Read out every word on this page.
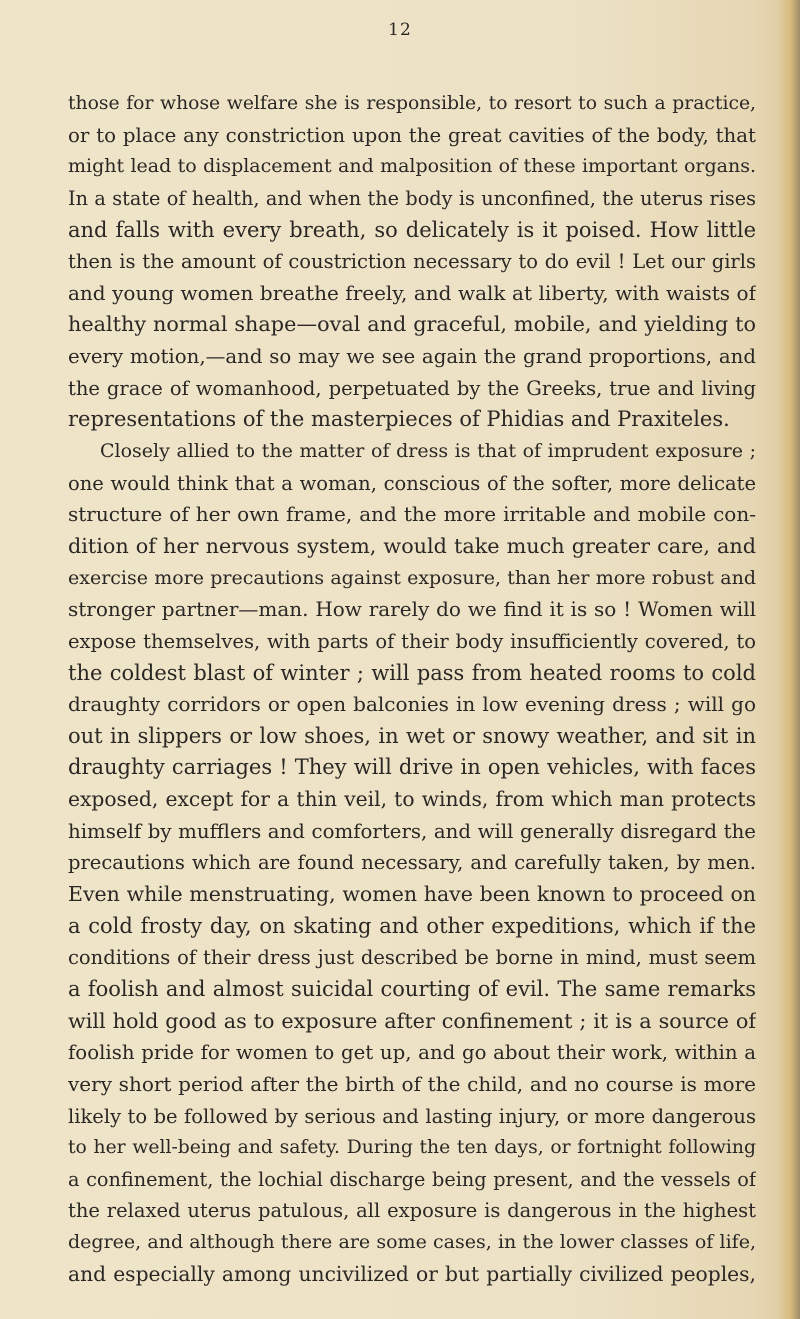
12
those for whose welfare she is responsible, to resort to such a practice,
or to place any constriction upon the great cavities of the body, that
might lead to displacement and malposition of these important organs.
In a state of health, and when the body is unconfined, the uterus rises
and falls with every breath, so delicately is it poised. How little
then is the amount of coustriction necessary to do evil ! Let our girls
and young women breathe freely, and walk at liberty, with waists of
healthy normal shape—oval and graceful, mobile, and yielding to
every motion,—and so may we see again the grand proportions, and
the grace of womanhood, perpetuated by the Greeks, true and living
representations of the masterpieces of Phidias and Praxiteles.
Closely allied to the matter of dress is that of imprudent exposure ;
one would think that a woman, conscious of the softer, more delicate
structure of her own frame, and the more irritable and mobile con-
dition of her nervous system, would take much greater care, and
exercise more precautions against exposure, than her more robust and
stronger partner—man. How rarely do we find it is so ! Women will
expose themselves, with parts of their body insufficiently covered, to
the coldest blast of winter ; will pass from heated rooms to cold
draughty corridors or open balconies in low evening dress ; will go
out in slippers or low shoes, in wet or snowy weather, and sit in
draughty carriages ! They will drive in open vehicles, with faces
exposed, except for a thin veil, to winds, from which man protects
himself by mufflers and comforters, and will generally disregard the
precautions which are found necessary, and carefully taken, by men.
Even while menstruating, women have been known to proceed on
a cold frosty day, on skating and other expeditions, which if the
conditions of their dress just described be borne in mind, must seem
a foolish and almost suicidal courting of evil. The same remarks
will hold good as to exposure after confinement ; it is a source of
foolish pride for women to get up, and go about their work, within a
very short period after the birth of the child, and no course is more
likely to be followed by serious and lasting injury, or more dangerous
to her well-being and safety. During the ten days, or fortnight following
a confinement, the lochial discharge being present, and the vessels of
the relaxed uterus patulous, all exposure is dangerous in the highest
degree, and although there are some cases, in the lower classes of life,
and especially among uncivilized or but partially civilized peoples,
